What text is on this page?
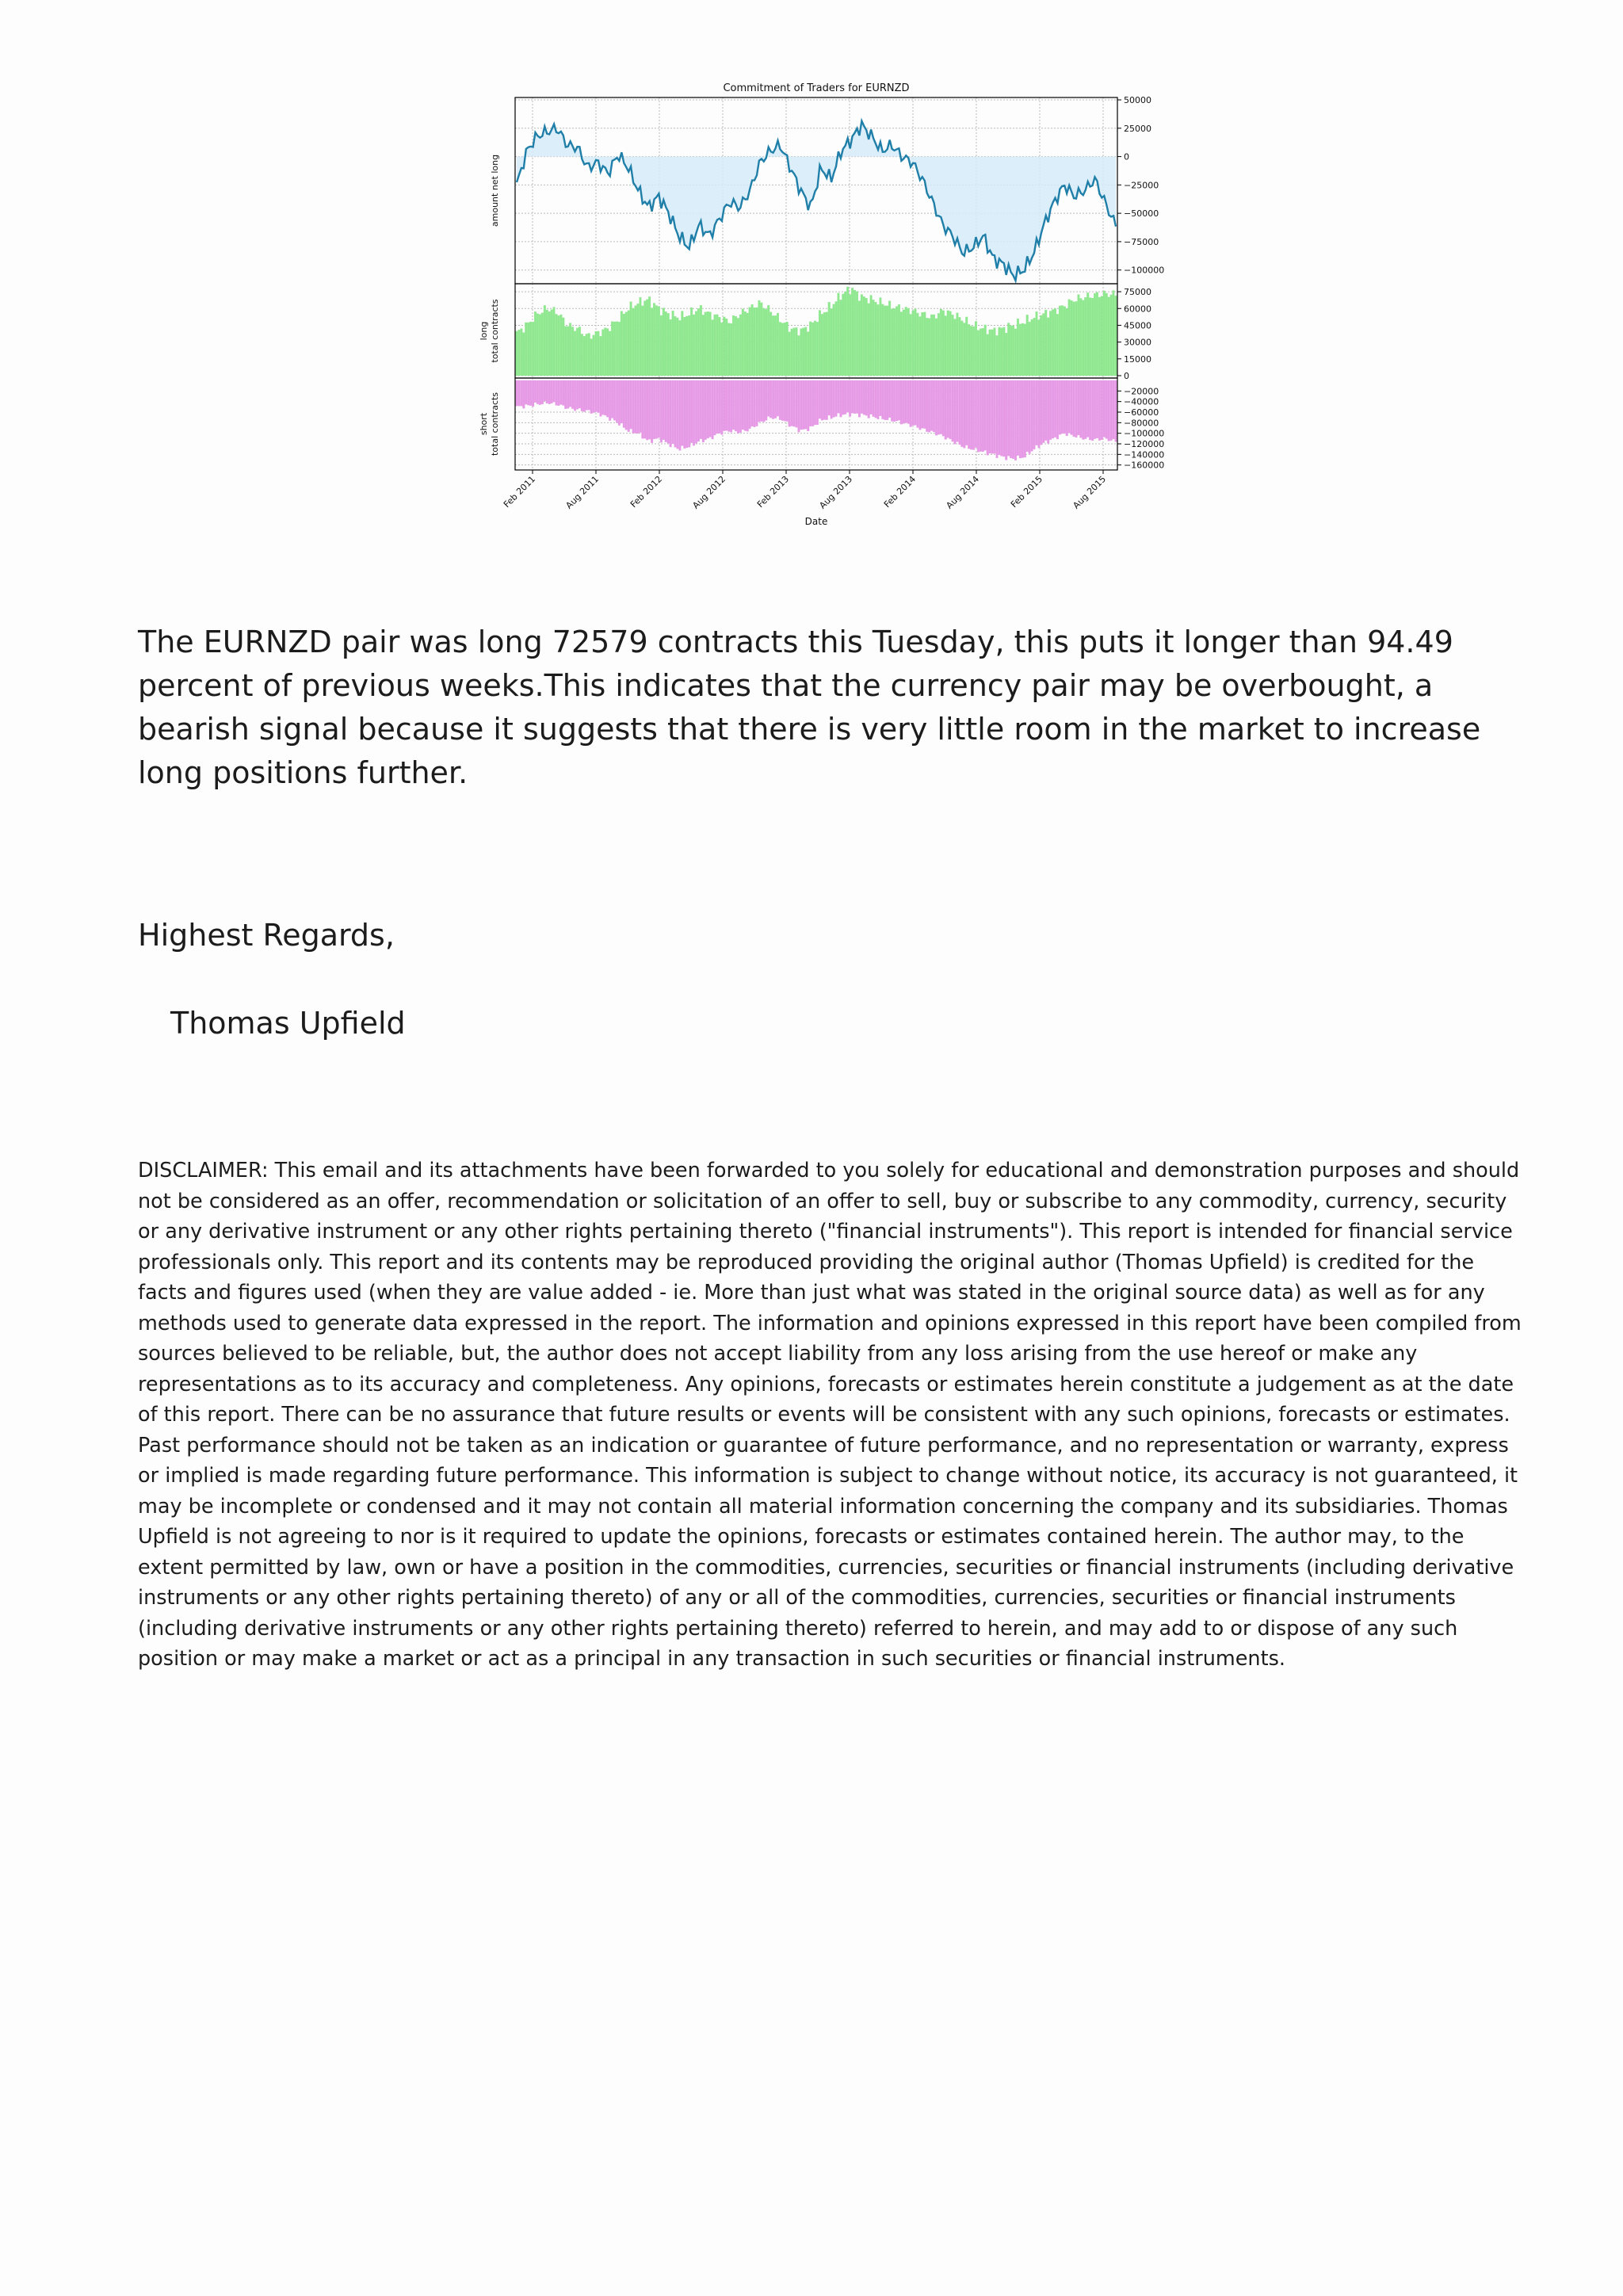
Commitment of Traders for EURNZD
50000
25000
0
−25000
−50000
−75000
−100000
amount net long
75000
60000
45000
30000
15000
0
total contracts
long
−20000
−40000
−60000
−80000
−100000
−120000
−140000
−160000
total contracts
short
Feb 2011	Aug 2011	Feb 2012	Aug 2012	Feb 2013	Aug 2013	Feb 2014	Aug 2014	Feb 2015	Aug 2015
Date

The EURNZD pair was long 72579 contracts this Tuesday, this puts it longer than 94.49 percent of previous weeks.This indicates that the currency pair may be overbought, a bearish signal because it suggests that there is very little room in the market to increase long positions further.

Highest Regards,

Thomas Upfield

DISCLAIMER: This email and its attachments have been forwarded to you solely for educational and demonstration purposes and should not be considered as an offer, recommendation or solicitation of an offer to sell, buy or subscribe to any commodity, currency, security or any derivative instrument or any other rights pertaining thereto ("financial instruments"). This report is intended for financial service professionals only. This report and its contents may be reproduced providing the original author (Thomas Upfield) is credited for the facts and figures used (when they are value added - ie. More than just what was stated in the original source data) as well as for any methods used to generate data expressed in the report. The information and opinions expressed in this report have been compiled from sources believed to be reliable, but, the author does not accept liability from any loss arising from the use hereof or make any representations as to its accuracy and completeness. Any opinions, forecasts or estimates herein constitute a judgement as at the date of this report. There can be no assurance that future results or events will be consistent with any such opinions, forecasts or estimates. Past performance should not be taken as an indication or guarantee of future performance, and no representation or warranty, express or implied is made regarding future performance. This information is subject to change without notice, its accuracy is not guaranteed, it may be incomplete or condensed and it may not contain all material information concerning the company and its subsidiaries. Thomas Upfield is not agreeing to nor is it required to update the opinions, forecasts or estimates contained herein. The author may, to the extent permitted by law, own or have a position in the commodities, currencies, securities or financial instruments (including derivative instruments or any other rights pertaining thereto) of any or all of the commodities, currencies, securities or financial instruments (including derivative instruments or any other rights pertaining thereto) referred to herein, and may add to or dispose of any such position or may make a market or act as a principal in any transaction in such securities or financial instruments.
